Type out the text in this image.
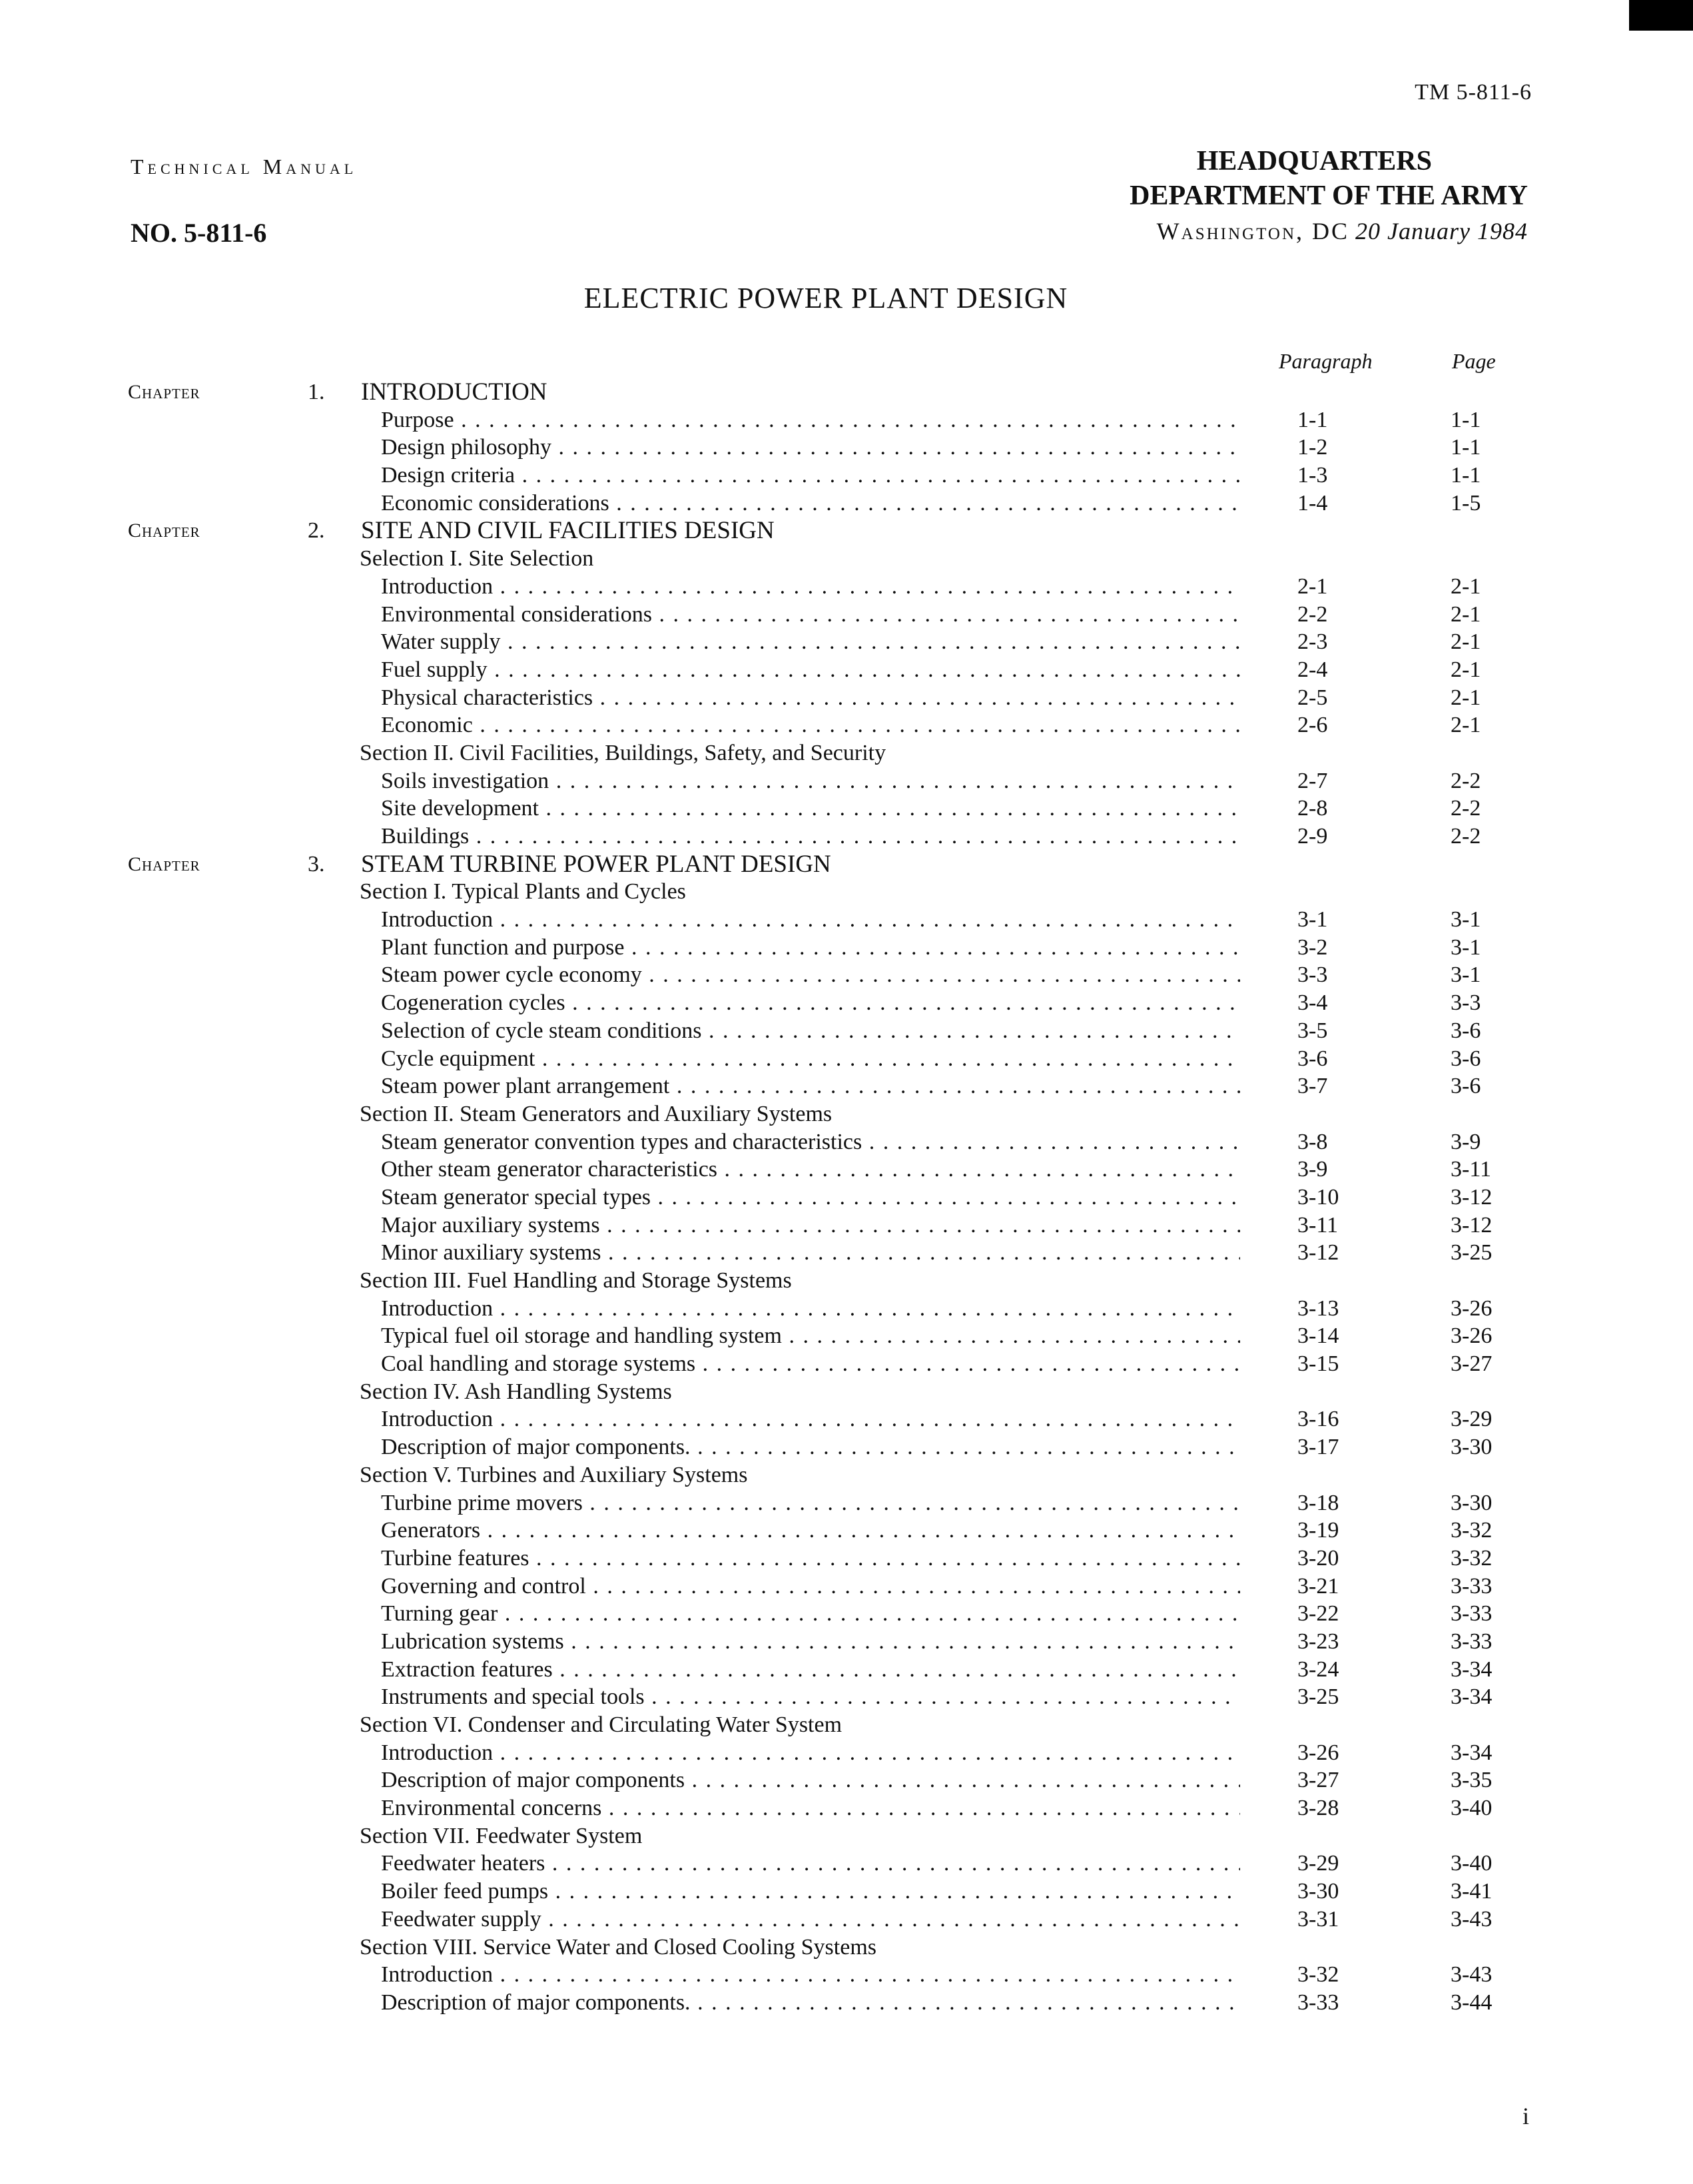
TM 5-811-6
Technical Manual
NO. 5-811-6
HEADQUARTERS
DEPARTMENT OF THE ARMY
Washington, DC 20 January 1984
ELECTRIC POWER PLANT DESIGN
Paragraph	Page
Chapter	1. INTRODUCTION
Purpose . . .	1-1	1-1
Design philosophy . . .	1-2	1-1
Design criteria . . .	1-3	1-1
Economic considerations . . .	1-4	1-5
Chapter	2. SITE AND CIVIL FACILITIES DESIGN
Selection I. Site Selection
Introduction . . .	2-1	2-1
Environmental considerations . . .	2-2	2-1
Water supply . . .	2-3	2-1
Fuel supply . . .	2-4	2-1
Physical characteristics . . .	2-5	2-1
Economic . . .	2-6	2-1
Section II. Civil Facilities, Buildings, Safety, and Security
Soils investigation . . .	2-7	2-2
Site development . . .	2-8	2-2
Buildings . . .	2-9	2-2
Chapter	3. STEAM TURBINE POWER PLANT DESIGN
Section I. Typical Plants and Cycles
Introduction . . .	3-1	3-1
Plant function and purpose . . .	3-2	3-1
Steam power cycle economy . . .	3-3	3-1
Cogeneration cycles . . .	3-4	3-3
Selection of cycle steam conditions . . .	3-5	3-6
Cycle equipment . . .	3-6	3-6
Steam power plant arrangement . . .	3-7	3-6
Section II. Steam Generators and Auxiliary Systems
Steam generator convention types and characteristics . . .	3-8	3-9
Other steam generator characteristics . . .	3-9	3-11
Steam generator special types . . .	3-10	3-12
Major auxiliary systems . . .	3-11	3-12
Minor auxiliary systems . . .	3-12	3-25
Section III. Fuel Handling and Storage Systems
Introduction . . .	3-13	3-26
Typical fuel oil storage and handling system . . .	3-14	3-26
Coal handling and storage systems . . .	3-15	3-27
Section IV. Ash Handling Systems
Introduction . . .	3-16	3-29
Description of major components. . . .	3-17	3-30
Section V. Turbines and Auxiliary Systems
Turbine prime movers . . .	3-18	3-30
Generators . . .	3-19	3-32
Turbine features . . .	3-20	3-32
Governing and control . . .	3-21	3-33
Turning gear . . .	3-22	3-33
Lubrication systems . . .	3-23	3-33
Extraction features . . .	3-24	3-34
Instruments and special tools . . .	3-25	3-34
Section VI. Condenser and Circulating Water System
Introduction . . .	3-26	3-34
Description of major components . . .	3-27	3-35
Environmental concerns . . .	3-28	3-40
Section VII. Feedwater System
Feedwater heaters . . .	3-29	3-40
Boiler feed pumps . . .	3-30	3-41
Feedwater supply . . .	3-31	3-43
Section VIII. Service Water and Closed Cooling Systems
Introduction . . .	3-32	3-43
Description of major components. . . .	3-33	3-44
i
